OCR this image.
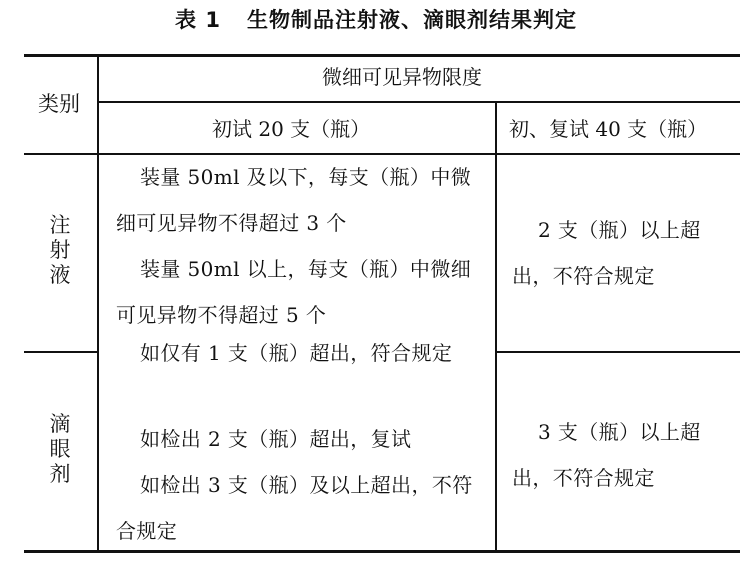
表 1 生物制品注射液、滴眼剂结果判定
类别
微细可见异物限度
初试 20 支（瓶）	初、复试 40 支（瓶）
注射液
装量 50ml 及以下，每支（瓶）中微细可见异物不得超过 3 个
装量 50ml 以上，每支（瓶）中微细可见异物不得超过 5 个
2 支（瓶）以上超出，不符合规定
滴眼剂
如仅有 1 支（瓶）超出，符合规定
如检出 2 支（瓶）超出，复试
如检出 3 支（瓶）及以上超出，不符合规定
3 支（瓶）以上超出，不符合规定
